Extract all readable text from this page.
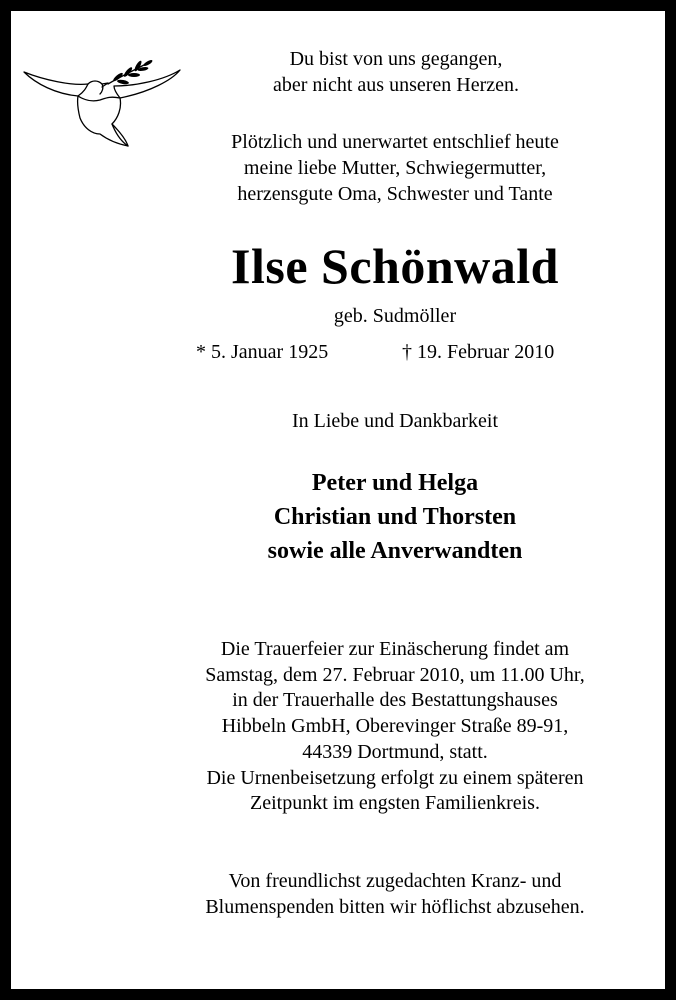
Du bist von uns gegangen,
aber nicht aus unseren Herzen.
Plötzlich und unerwartet entschlief heute
meine liebe Mutter, Schwiegermutter,
herzensgute Oma, Schwester und Tante
Ilse Schönwald
geb. Sudmöller
* 5. Januar 1925	† 19. Februar 2010
In Liebe und Dankbarkeit
Peter und Helga
Christian und Thorsten
sowie alle Anverwandten
Die Trauerfeier zur Einäscherung findet am
Samstag, dem 27. Februar 2010, um 11.00 Uhr,
in der Trauerhalle des Bestattungshauses
Hibbeln GmbH, Oberevinger Straße 89-91,
44339 Dortmund, statt.
Die Urnenbeisetzung erfolgt zu einem späteren
Zeitpunkt im engsten Familienkreis.
Von freundlichst zugedachten Kranz- und
Blumenspenden bitten wir höflichst abzusehen.
